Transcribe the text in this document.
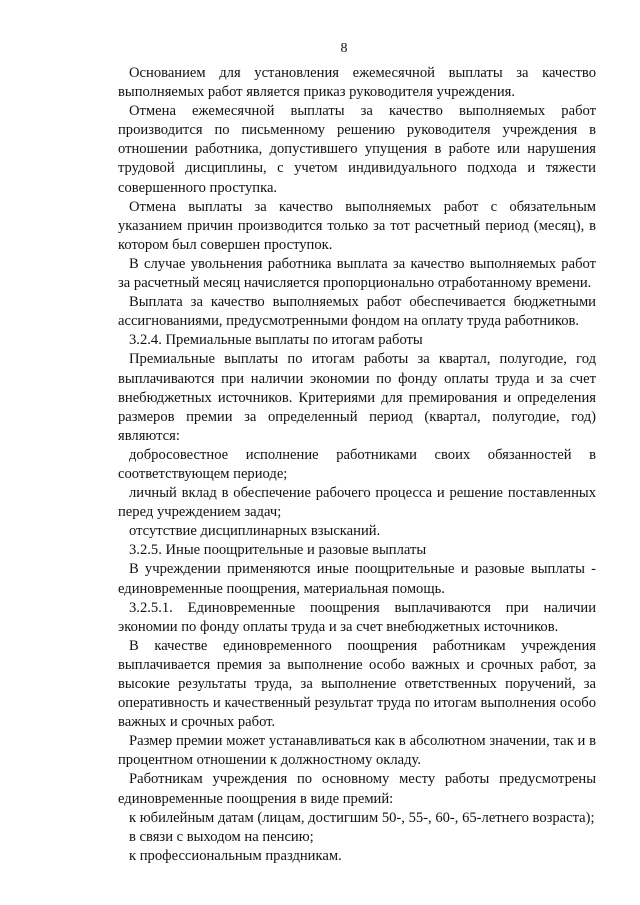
8

Основанием для установления ежемесячной выплаты за качество выполняемых работ является приказ руководителя учреждения.

Отмена ежемесячной выплаты за качество выполняемых работ производится по письменному решению руководителя учреждения в отношении работника, допустившего упущения в работе или нарушения трудовой дисциплины, с учетом индивидуального подхода и тяжести совершенного проступка.

Отмена выплаты за качество выполняемых работ с обязательным указанием причин производится только за тот расчетный период (месяц), в котором был совершен проступок.

В случае увольнения работника выплата за качество выполняемых работ за расчетный месяц начисляется пропорционально отработанному времени.

Выплата за качество выполняемых работ обеспечивается бюджетными ассигнованиями, предусмотренными фондом на оплату труда работников.

3.2.4. Премиальные выплаты по итогам работы

Премиальные выплаты по итогам работы за квартал, полугодие, год выплачиваются при наличии экономии по фонду оплаты труда и за счет внебюджетных источников. Критериями для премирования и определения размеров премии за определенный период (квартал, полугодие, год) являются:

добросовестное исполнение работниками своих обязанностей в соответствующем периоде;

личный вклад в обеспечение рабочего процесса и решение поставленных перед учреждением задач;

отсутствие дисциплинарных взысканий.

3.2.5. Иные поощрительные и разовые выплаты

В учреждении применяются иные поощрительные и разовые выплаты - единовременные поощрения, материальная помощь.

3.2.5.1. Единовременные поощрения выплачиваются при наличии экономии по фонду оплаты труда и за счет внебюджетных источников.

В качестве единовременного поощрения работникам учреждения выплачивается премия за выполнение особо важных и срочных работ, за высокие результаты труда, за выполнение ответственных поручений, за оперативность и качественный результат труда по итогам выполнения особо важных и срочных работ.

Размер премии может устанавливаться как в абсолютном значении, так и в процентном отношении к должностному окладу.

Работникам учреждения по основному месту работы предусмотрены единовременные поощрения в виде премий:

к юбилейным датам (лицам, достигшим 50-, 55-, 60-, 65-летнего возраста);

в связи с выходом на пенсию;

к профессиональным праздникам.
